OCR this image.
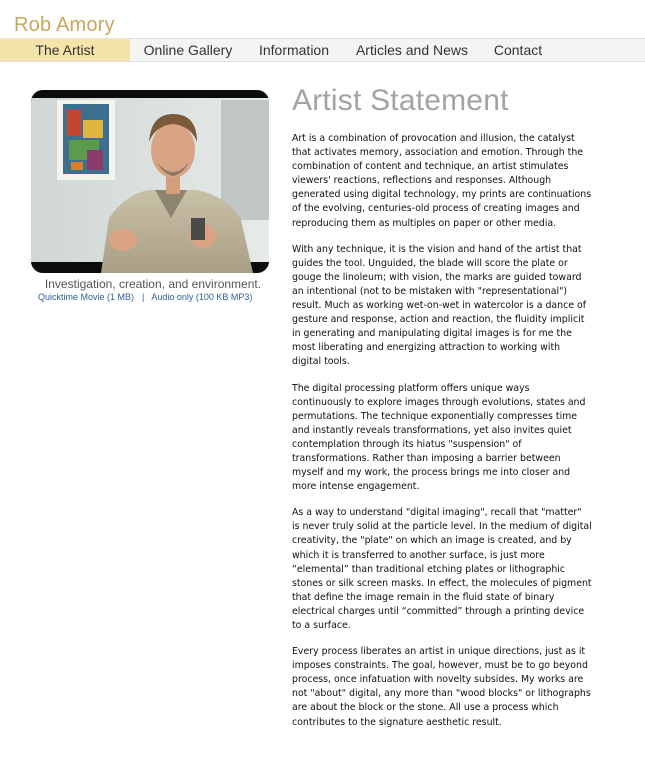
Rob Amory
The Artist	Online Gallery	Information	Articles and News	Contact

Investigation, creation, and environment.

Quicktime Movie (1 MB) | Audio only (100 KB MP3)
Artist Statement

Art is a combination of provocation and illusion, the catalyst that activates memory, association and emotion. Through the combination of content and technique, an artist stimulates viewers' reactions, reflections and responses. Although generated using digital technology, my prints are continuations of the evolving, centuries-old process of creating images and reproducing them as multiples on paper or other media.

With any technique, it is the vision and hand of the artist that guides the tool. Unguided, the blade will score the plate or gouge the linoleum; with vision, the marks are guided toward an intentional (not to be mistaken with "representational") result. Much as working wet-on-wet in watercolor is a dance of gesture and response, action and reaction, the fluidity implicit in generating and manipulating digital images is for me the most liberating and energizing attraction to working with digital tools.

The digital processing platform offers unique ways continuously to explore images through evolutions, states and permutations. The technique exponentially compresses time and instantly reveals transformations, yet also invites quiet contemplation through its hiatus "suspension" of transformations. Rather than imposing a barrier between myself and my work, the process brings me into closer and more intense engagement.

As a way to understand "digital imaging", recall that "matter" is never truly solid at the particle level. In the medium of digital creativity, the "plate" on which an image is created, and by which it is transferred to another surface, is just more “elemental” than traditional etching plates or lithographic stones or silk screen masks. In effect, the molecules of pigment that define the image remain in the fluid state of binary electrical charges until “committed” through a printing device to a surface.

Every process liberates an artist in unique directions, just as it imposes constraints. The goal, however, must be to go beyond process, once infatuation with novelty subsides. My works are not "about" digital, any more than "wood blocks" or lithographs are about the block or the stone. All use a process which contributes to the signature aesthetic result.
